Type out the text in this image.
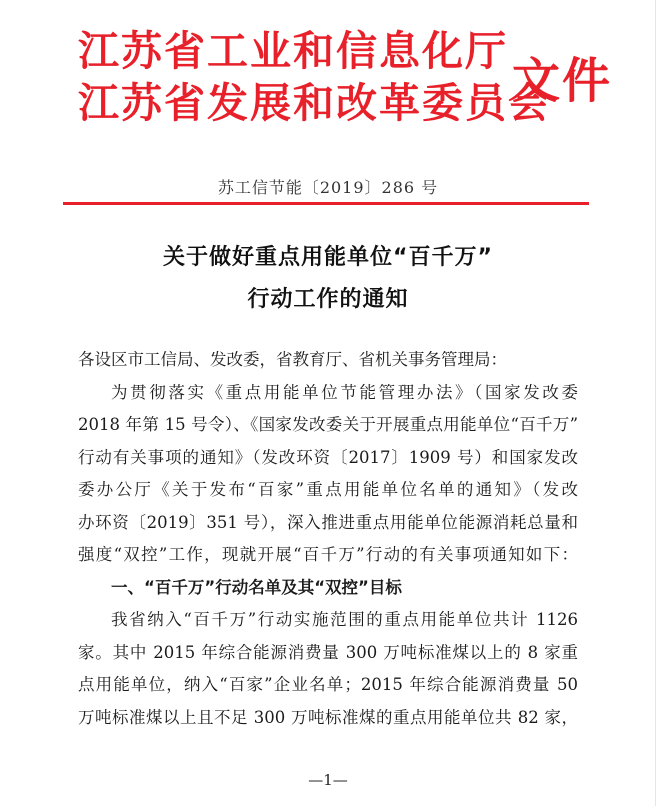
江苏省工业和信息化厅
江苏省发展和改革委员会
文件
苏工信节能〔2019〕286 号
关于做好重点用能单位“百千万”
行动工作的通知

各设区市工信局、发改委，省教育厅、省机关事务管理局：

为贯彻落实《重点用能单位节能管理办法》（国家发改委

2018 年第 15 号令）、《国家发改委关于开展重点用能单位“百千万”

行动有关事项的通知》（发改环资〔2017〕1909 号）和国家发改

委办公厅《关于发布“百家”重点用能单位名单的通知》（发改

办环资〔2019〕351 号），深入推进重点用能单位能源消耗总量和

强度“双控”工作，现就开展“百千万”行动的有关事项通知如下：

一、“百千万”行动名单及其“双控”目标

我省纳入“百千万”行动实施范围的重点用能单位共计 1126

家。其中 2015 年综合能源消费量 300 万吨标准煤以上的 8 家重

点用能单位，纳入“百家”企业名单；2015 年综合能源消费量 50

万吨标准煤以上且不足 300 万吨标准煤的重点用能单位共 82 家，

—1—
